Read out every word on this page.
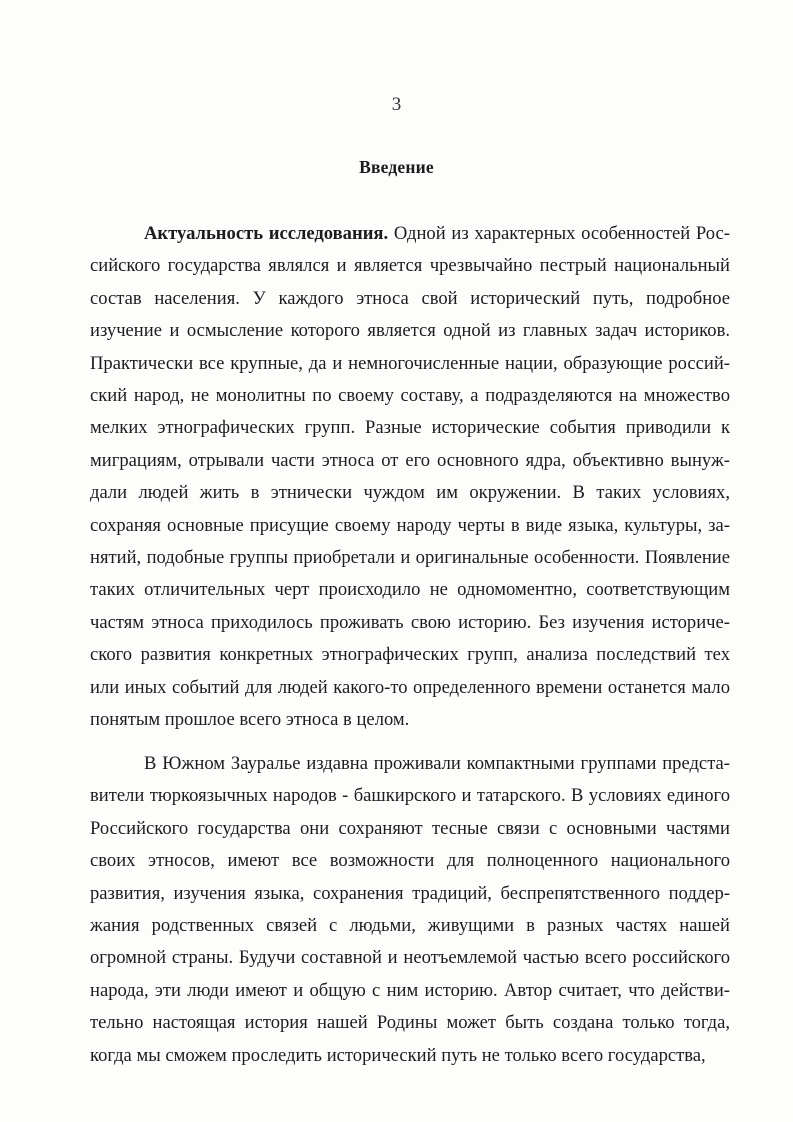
3
Введение

Актуальность исследования. Одной из характерных особенностей Российского государства являлся и является чрезвычайно пестрый национальный состав населения. У каждого этноса свой исторический путь, подробное изучение и осмысление которого является одной из главных задач историков. Практически все крупные, да и немногочисленные нации, образующие российский народ, не монолитны по своему составу, а подразделяются на множество мелких этнографических групп. Разные исторические события приводили к миграциям, отрывали части этноса от его основного ядра, объективно вынуждали людей жить в этнически чуждом им окружении. В таких условиях, сохраняя основные присущие своему народу черты в виде языка, культуры, занятий, подобные группы приобретали и оригинальные особенности. Появление таких отличительных черт происходило не одномоментно, соответствующим частям этноса приходилось проживать свою историю. Без изучения исторического развития конкретных этнографических групп, анализа последствий тех или иных событий для людей какого-то определенного времени останется мало понятым прошлое всего этноса в целом.

В Южном Зауралье издавна проживали компактными группами представители тюркоязычных народов - башкирского и татарского. В условиях единого Российского государства они сохраняют тесные связи с основными частями своих этносов, имеют все возможности для полноценного национального развития, изучения языка, сохранения традиций, беспрепятственного поддержания родственных связей с людьми, живущими в разных частях нашей огромной страны. Будучи составной и неотъемлемой частью всего российского народа, эти люди имеют и общую с ним историю. Автор считает, что действительно настоящая история нашей Родины может быть создана только тогда, когда мы сможем проследить исторический путь не только всего государства,
